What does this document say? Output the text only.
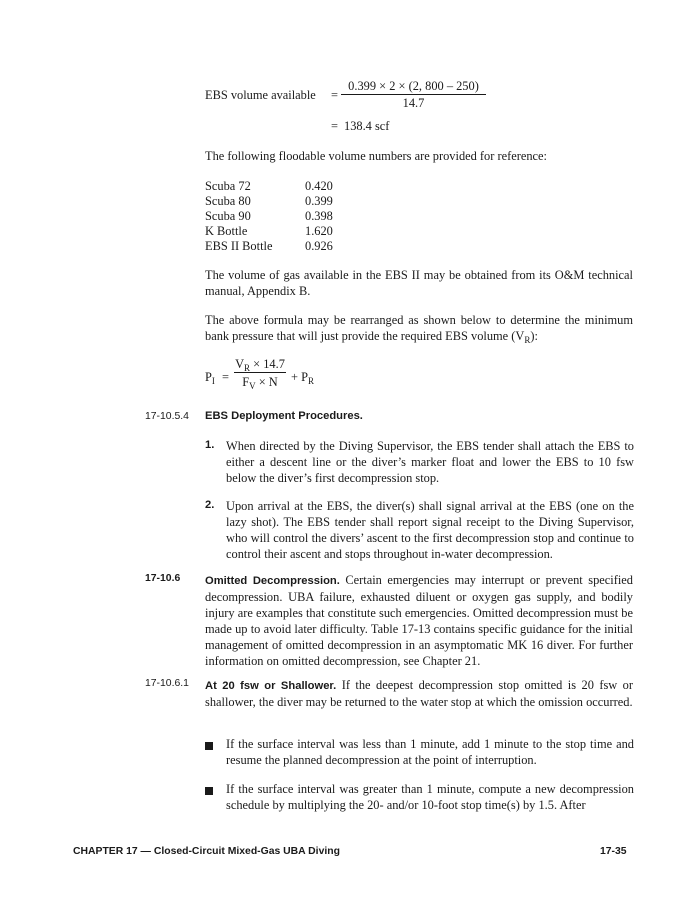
EBS volume available =
0.399 × 2 × (2, 800 – 250)
14.7
= 138.4 scf
The following floodable volume numbers are provided for reference:
Scuba 72	0.420
Scuba 80	0.399
Scuba 90	0.398
K Bottle	1.620
EBS II Bottle	0.926
The volume of gas available in the EBS II may be obtained from its O&M technical manual, Appendix B.
The above formula may be rearranged as shown below to determine the minimum bank pressure that will just provide the required EBS volume $(V_R)$:
$P_I$ =
$V_R \times 14.7$
$F_V \times N$	+ $P_R$
17-10.5.4 EBS Deployment Procedures.
1. When directed by the Diving Supervisor, the EBS tender shall attach the EBS to either a descent line or the diver’s marker float and lower the EBS to 10 fsw below the diver’s first decompression stop.
2. Upon arrival at the EBS, the diver(s) shall signal arrival at the EBS (one on the lazy shot). The EBS tender shall report signal receipt to the Diving Supervisor, who will control the divers’ ascent to the first decompression stop and continue to control their ascent and stops throughout in-water decompression.
17-10.6 Omitted Decompression. Certain emergencies may interrupt or prevent specified decompression. UBA failure, exhausted diluent or oxygen gas supply, and bodily injury are examples that constitute such emergencies. Omitted decompression must be made up to avoid later difficulty. Table 17-13 contains specific guidance for the initial management of omitted decompression in an asymptomatic MK 16 diver. For further information on omitted decompression, see Chapter 21.
17-10.6.1 At 20 fsw or Shallower. If the deepest decompression stop omitted is 20 fsw or shallower, the diver may be returned to the water stop at which the omission occurred.
If the surface interval was less than 1 minute, add 1 minute to the stop time and resume the planned decompression at the point of interruption.
If the surface interval was greater than 1 minute, compute a new decompression schedule by multiplying the 20- and/or 10-foot stop time(s) by 1.5. After
CHAPTER 17 — Closed-Circuit Mixed-Gas UBA Diving	17-35
